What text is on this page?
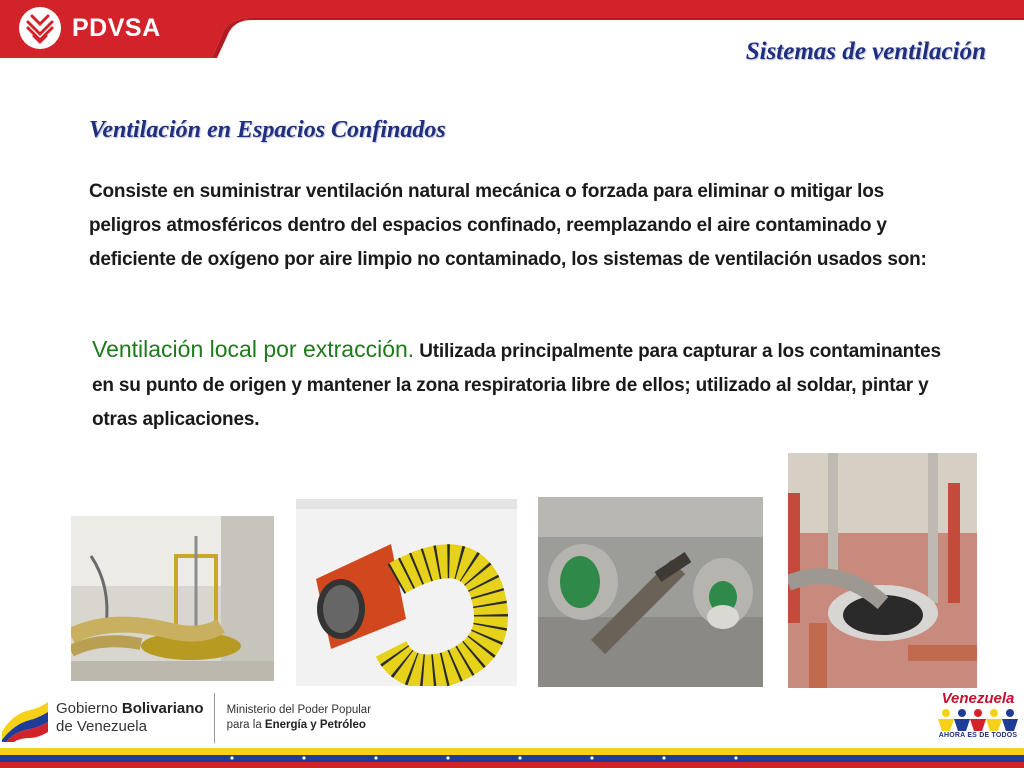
PDVSA
Sistemas de ventilación
Ventilación en Espacios Confinados
Consiste en suministrar ventilación natural mecánica o forzada para eliminar o mitigar los peligros atmosféricos dentro del espacios confinado, reemplazando el aire contaminado y deficiente de oxígeno por aire limpio no contaminado, los sistemas de ventilación usados son:
Ventilación local por extracción. Utilizada principalmente para capturar a los contaminantes en su punto de origen y mantener la zona respiratoria libre de ellos; utilizado al soldar, pintar y otras aplicaciones.
Gobierno Bolivariano
de Venezuela
Ministerio del Poder Popular
para la Energía y Petróleo
Venezuela
AHORA ES DE TODOS
